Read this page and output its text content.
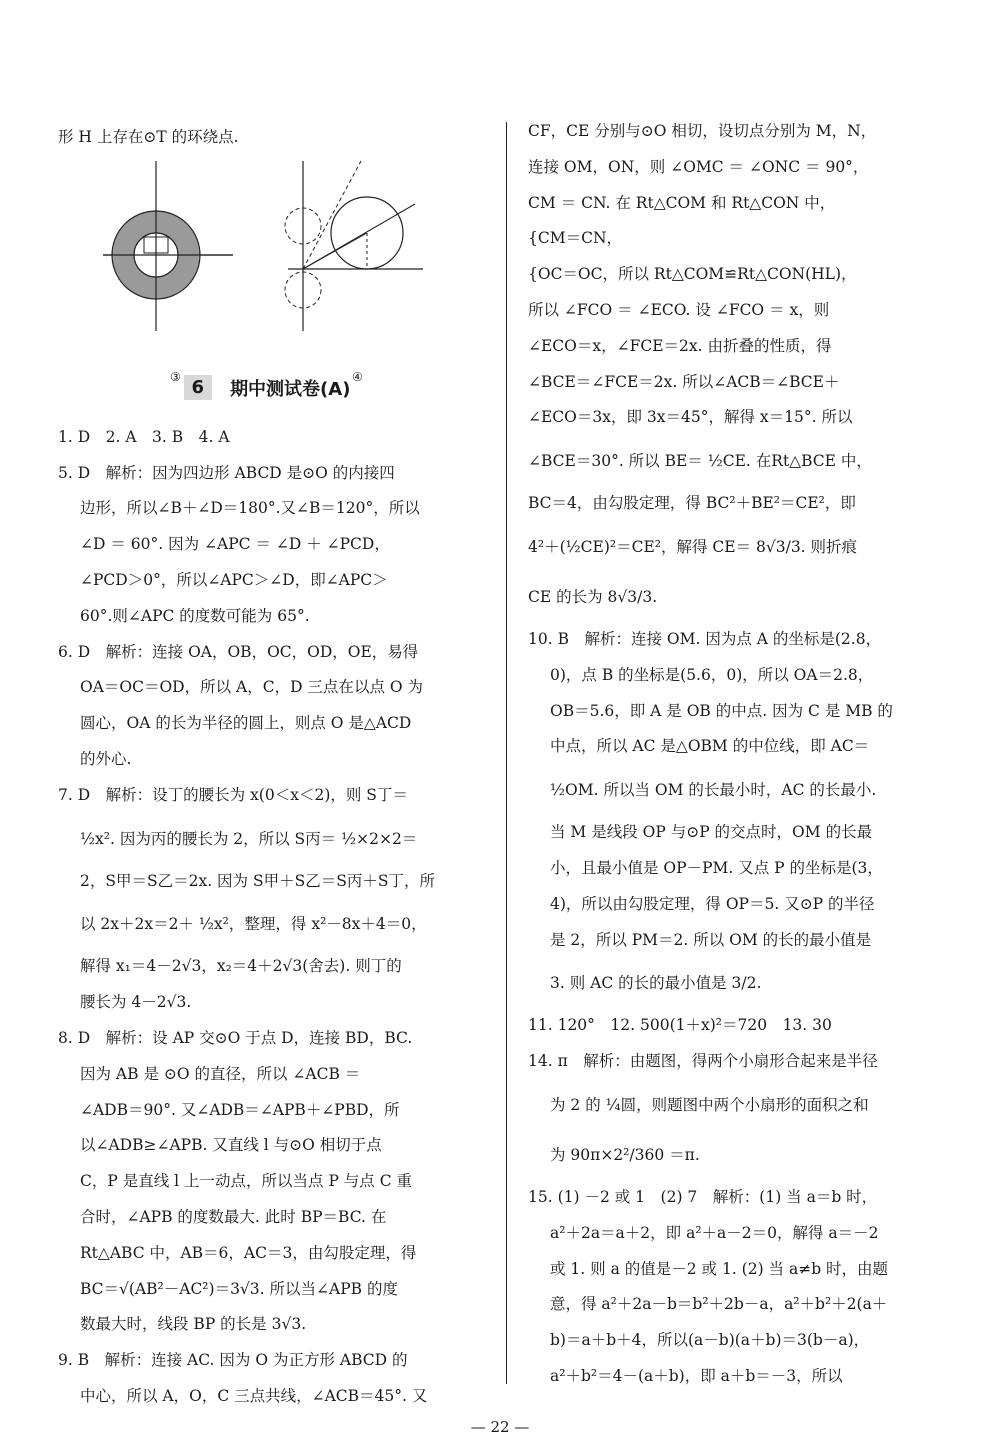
形 H 上存在⊙T 的环绕点.
③	④
6	期中测试卷(A)
1. D　2. A　3. B　4. A
5. D　解析：因为四边形 ABCD 是⊙O 的内接四
边形，所以∠B＋∠D＝180°.又∠B＝120°，所以
∠D ＝ 60°. 因为 ∠APC ＝ ∠D ＋ ∠PCD，
∠PCD＞0°，所以∠APC＞∠D，即∠APC＞
60°.则∠APC 的度数可能为 65°.
6. D　解析：连接 OA，OB，OC，OD，OE，易得
OA＝OC＝OD，所以 A，C，D 三点在以点 O 为
圆心，OA 的长为半径的圆上，则点 O 是△ACD
的外心.
7. D　解析：设丁的腰长为 x(0＜x＜2)，则 S丁＝
½x². 因为丙的腰长为 2，所以 S丙＝ ½×2×2＝
2，S甲＝S乙＝2x. 因为 S甲＋S乙＝S丙＋S丁，所
以 2x＋2x＝2＋ ½x²，整理，得 x²－8x＋4＝0，
解得 x₁＝4－2√3，x₂＝4＋2√3(舍去). 则丁的
腰长为 4－2√3.
8. D　解析：设 AP 交⊙O 于点 D，连接 BD，BC.
因为 AB 是 ⊙O 的直径，所以 ∠ACB ＝
∠ADB＝90°. 又∠ADB＝∠APB＋∠PBD，所
以∠ADB≥∠APB. 又直线 l 与⊙O 相切于点
C，P 是直线 l 上一动点，所以当点 P 与点 C 重
合时，∠APB 的度数最大. 此时 BP＝BC. 在
Rt△ABC 中，AB＝6，AC＝3，由勾股定理，得
BC＝√(AB²－AC²)＝3√3. 所以当∠APB 的度
数最大时，线段 BP 的长是 3√3.
9. B　解析：连接 AC. 因为 O 为正方形 ABCD 的
中心，所以 A，O，C 三点共线，∠ACB＝45°. 又
CF，CE 分别与⊙O 相切，设切点分别为 M，N，
连接 OM，ON，则 ∠OMC ＝ ∠ONC ＝ 90°，
CM ＝ CN. 在 Rt△COM 和 Rt△CON 中，
{CM＝CN，
{OC＝OC，所以 Rt△COM≌Rt△CON(HL)，
所以 ∠FCO ＝ ∠ECO. 设 ∠FCO ＝ x，则
∠ECO＝x，∠FCE＝2x. 由折叠的性质，得
∠BCE＝∠FCE＝2x. 所以∠ACB＝∠BCE＋
∠ECO＝3x，即 3x＝45°，解得 x＝15°. 所以
∠BCE＝30°. 所以 BE＝ ½CE. 在Rt△BCE 中，
BC＝4，由勾股定理，得 BC²＋BE²＝CE²，即
4²＋(½CE)²＝CE²，解得 CE＝ 8√3/3. 则折痕
CE 的长为 8√3/3.
10. B　解析：连接 OM. 因为点 A 的坐标是(2.8，
0)，点 B 的坐标是(5.6，0)，所以 OA＝2.8，
OB＝5.6，即 A 是 OB 的中点. 因为 C 是 MB 的
中点，所以 AC 是△OBM 的中位线，即 AC＝
½OM. 所以当 OM 的长最小时，AC 的长最小.
当 M 是线段 OP 与⊙P 的交点时，OM 的长最
小，且最小值是 OP－PM. 又点 P 的坐标是(3，
4)，所以由勾股定理，得 OP＝5. 又⊙P 的半径
是 2，所以 PM＝2. 所以 OM 的长的最小值是
3. 则 AC 的长的最小值是 3/2.
11. 120°　12. 500(1＋x)²＝720　13. 30
14. π　解析：由题图，得两个小扇形合起来是半径
为 2 的 ¼圆，则题图中两个小扇形的面积之和
为 90π×2²/360 ＝π.
15. (1) －2 或 1　(2) 7　解析：(1) 当 a＝b 时，
a²＋2a＝a＋2，即 a²＋a－2＝0，解得 a＝－2
或 1. 则 a 的值是－2 或 1. (2) 当 a≠b 时，由题
意，得 a²＋2a－b＝b²＋2b－a，a²＋b²＋2(a＋
b)＝a＋b＋4，所以(a－b)(a＋b)＝3(b－a)，
a²＋b²＝4－(a＋b)，即 a＋b＝－3，所以
— 22 —
